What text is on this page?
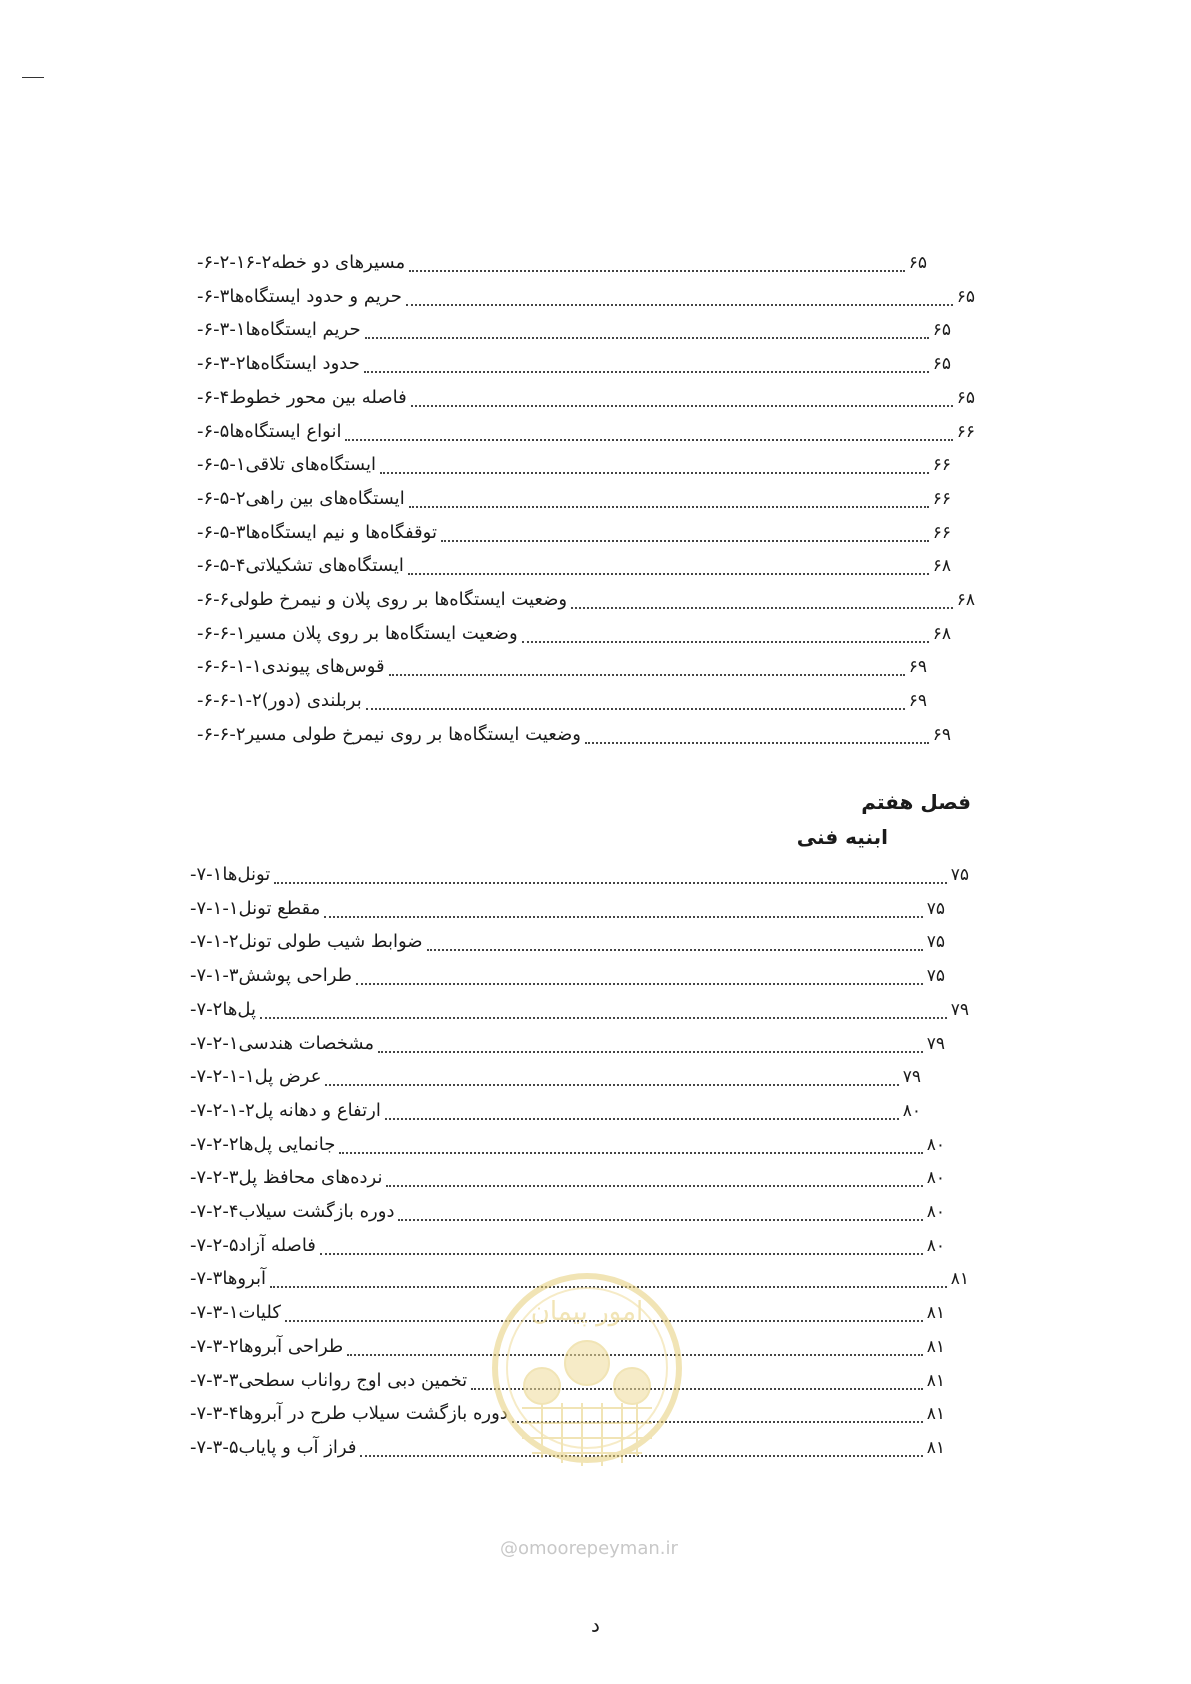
۶-۲-۱۶-۲- مسیرهای دو خطه	۶۵
۶-۳- حریم و حدود ایستگاه‌ها	۶۵
۶-۳-۱- حریم ایستگاه‌ها	۶۵
۶-۳-۲- حدود ایستگاه‌ها	۶۵
۶-۴- فاصله بین محور خطوط	۶۵
۶-۵- انواع ایستگاه‌ها	۶۶
۶-۵-۱- ایستگاه‌های تلاقی	۶۶
۶-۵-۲- ایستگاه‌های بین راهی	۶۶
۶-۵-۳- توقفگاه‌ها و نیم ایستگاه‌ها	۶۶
۶-۵-۴- ایستگاه‌های تشکیلاتی	۶۸
۶-۶- وضعیت ایستگاه‌ها بر روی پلان و نیمرخ طولی	۶۸
۶-۶-۱- وضعیت ایستگاه‌ها بر روی پلان مسیر	۶۸
۶-۶-۱-۱- قوس‌های پیوندی	۶۹
۶-۶-۱-۲- بربلندی (دور)	۶۹
۶-۶-۲- وضعیت ایستگاه‌ها بر روی نیمرخ طولی مسیر	۶۹
۷-۱- تونل‌ها	۷۵
۷-۱-۱- مقطع تونل	۷۵
۷-۱-۲- ضوابط شیب طولی تونل	۷۵
۷-۱-۳- طراحی پوشش	۷۵
۷-۲- پل‌ها	۷۹
۷-۲-۱- مشخصات هندسی	۷۹
۷-۲-۱-۱- عرض پل	۷۹
۷-۲-۱-۲- ارتفاع و دهانه پل	۸۰
۷-۲-۲- جانمایی پل‌ها	۸۰
۷-۲-۳- نرده‌های محافظ پل	۸۰
۷-۲-۴- دوره بازگشت سیلاب	۸۰
۷-۲-۵- فاصله آزاد	۸۰
۷-۳- آبروها	۸۱
۷-۳-۱- کلیات	۸۱
۷-۳-۲- طراحی آبروها	۸۱
۷-۳-۳- تخمین دبی اوج رواناب سطحی	۸۱
۷-۳-۴- دوره بازگشت سیلاب طرح در آبروها	۸۱
۷-۳-۵- فراز آب و پایاب	۸۱
فصل هفتم
ابنیه فنی
امور پیمان
@omoorepeyman.ir
د
